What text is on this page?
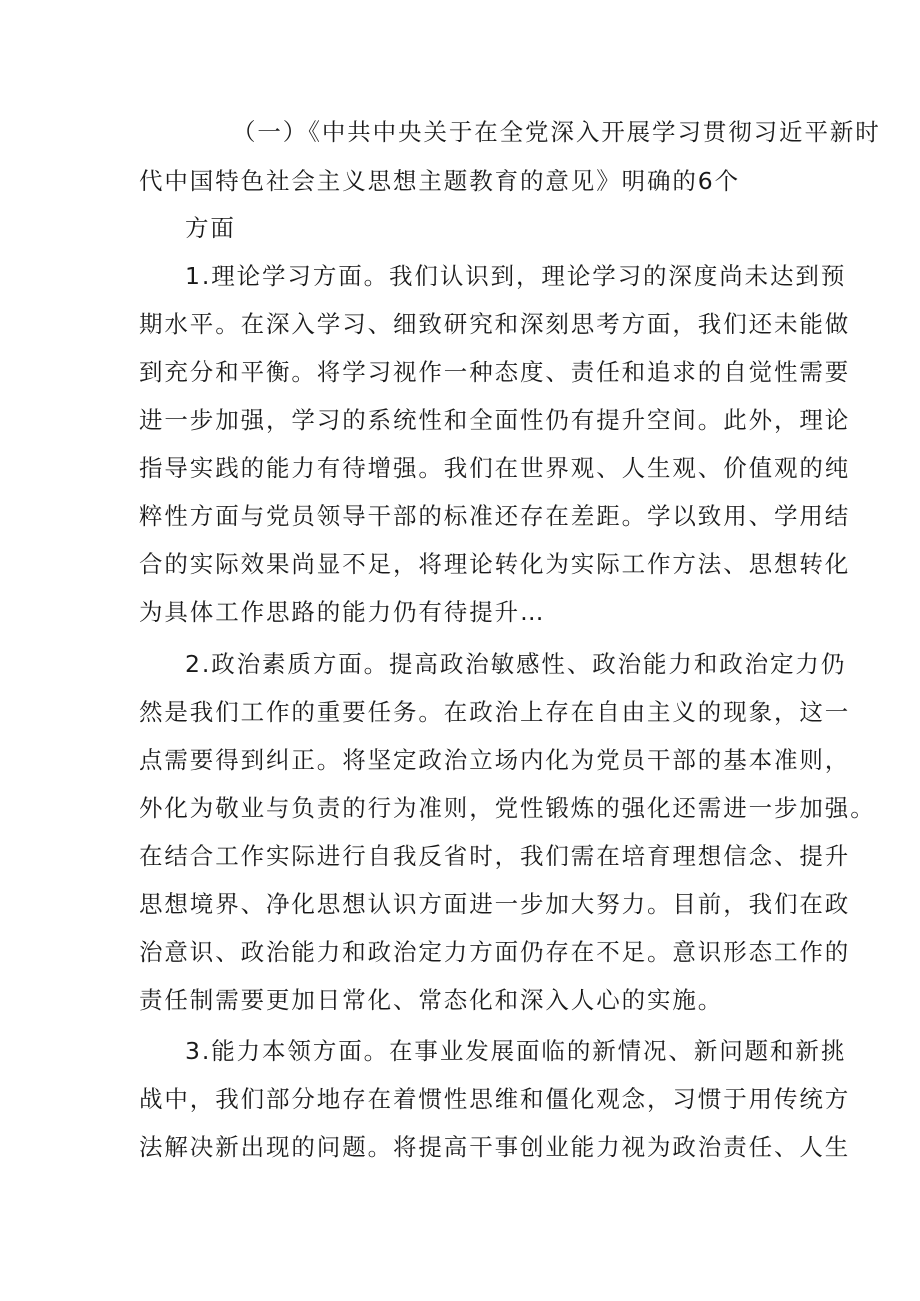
（一）《中共中央关于在全党深入开展学习贯彻习近平新时
代中国特色社会主义思想主题教育的意见》明确的6个
方面
1.理论学习方面。我们认识到，理论学习的深度尚未达到预
期水平。在深入学习、细致研究和深刻思考方面，我们还未能做
到充分和平衡。将学习视作一种态度、责任和追求的自觉性需要
进一步加强，学习的系统性和全面性仍有提升空间。此外，理论
指导实践的能力有待增强。我们在世界观、人生观、价值观的纯
粹性方面与党员领导干部的标准还存在差距。学以致用、学用结
合的实际效果尚显不足，将理论转化为实际工作方法、思想转化
为具体工作思路的能力仍有待提升…
2.政治素质方面。提高政治敏感性、政治能力和政治定力仍
然是我们工作的重要任务。在政治上存在自由主义的现象，这一
点需要得到纠正。将坚定政治立场内化为党员干部的基本准则，
外化为敬业与负责的行为准则，党性锻炼的强化还需进一步加强。
在结合工作实际进行自我反省时，我们需在培育理想信念、提升
思想境界、净化思想认识方面进一步加大努力。目前，我们在政
治意识、政治能力和政治定力方面仍存在不足。意识形态工作的
责任制需要更加日常化、常态化和深入人心的实施。
3.能力本领方面。在事业发展面临的新情况、新问题和新挑
战中，我们部分地存在着惯性思维和僵化观念，习惯于用传统方
法解决新出现的问题。将提高干事创业能力视为政治责任、人生
